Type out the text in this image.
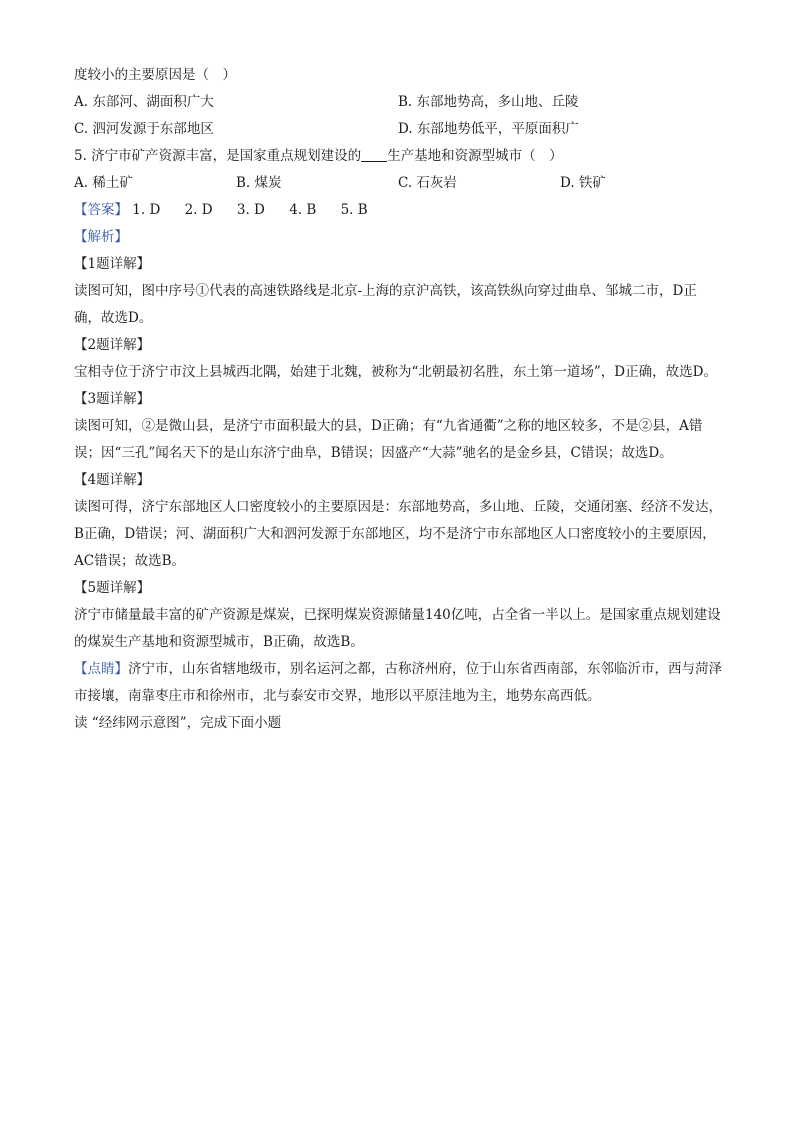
度较小的主要原因是（　）
A. 东部河、湖面积广大	B. 东部地势高，多山地、丘陵
C. 泗河发源于东部地区	D. 东部地势低平，平原面积广
5. 济宁市矿产资源丰富，是国家重点规划建设的 生产基地和资源型城市（　）
A. 稀土矿	B. 煤炭	C. 石灰岩	D. 铁矿
【答案】 1. D 2. D 3. D 4. B 5. B
【解析】
【1题详解】

读图可知，图中序号①代表的高速铁路线是北京-上海的京沪高铁，该高铁纵向穿过曲阜、邹城二市，D正确，故选D。

【2题详解】

宝相寺位于济宁市汶上县城西北隅，始建于北魏，被称为“北朝最初名胜，东土第一道场”，D正确，故选D。

【3题详解】

读图可知，②是微山县，是济宁市面积最大的县，D正确；有“九省通衢”之称的地区较多，不是②县，A错误；因“三孔”闻名天下的是山东济宁曲阜，B错误；因盛产“大蒜”驰名的是金乡县，C错误；故选D。

【4题详解】

读图可得，济宁东部地区人口密度较小的主要原因是：东部地势高，多山地、丘陵，交通闭塞、经济不发达，B正确，D错误；河、湖面积广大和泗河发源于东部地区，均不是济宁市东部地区人口密度较小的主要原因，AC错误；故选B。

【5题详解】

济宁市储量最丰富的矿产资源是煤炭，已探明煤炭资源储量140亿吨，占全省一半以上。是国家重点规划建设的煤炭生产基地和资源型城市，B正确，故选B。

【点睛】济宁市，山东省辖地级市，别名运河之都，古称济州府，位于山东省西南部，东邻临沂市，西与菏泽市接壤，南靠枣庄市和徐州市，北与泰安市交界，地形以平原洼地为主，地势东高西低。

读 “经纬网示意图”，完成下面小题
